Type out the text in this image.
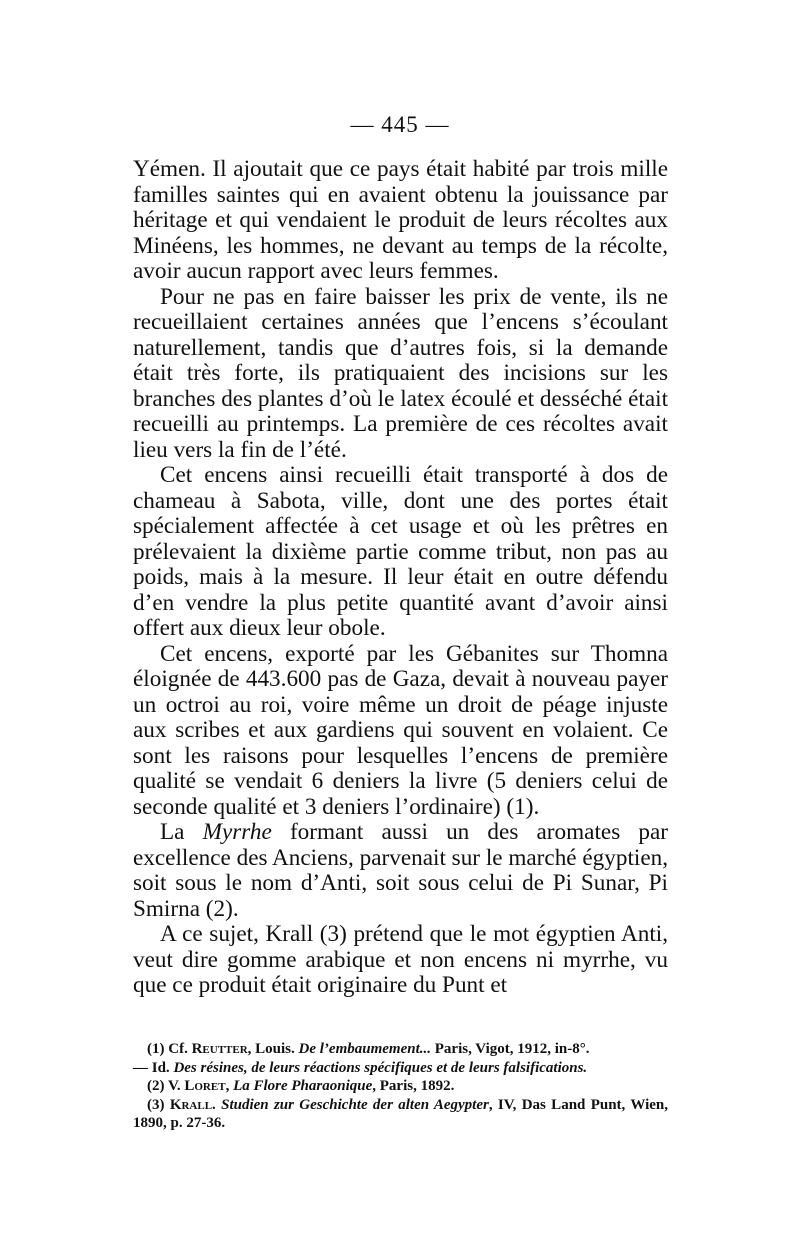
— 445 —

Yémen. Il ajoutait que ce pays était habité par trois mille familles saintes qui en avaient obtenu la jouissance par héritage et qui vendaient le produit de leurs récoltes aux Minéens, les hommes, ne devant au temps de la récolte, avoir aucun rapport avec leurs femmes.

Pour ne pas en faire baisser les prix de vente, ils ne recueillaient certaines années que l’encens s’écoulant naturellement, tandis que d’autres fois, si la demande était très forte, ils pratiquaient des incisions sur les branches des plantes d’où le latex écoulé et desséché était recueilli au printemps. La première de ces récoltes avait lieu vers la fin de l’été.

Cet encens ainsi recueilli était transporté à dos de chameau à Sabota, ville, dont une des portes était spécialement affectée à cet usage et où les prêtres en prélevaient la dixième partie comme tribut, non pas au poids, mais à la mesure. Il leur était en outre défendu d’en vendre la plus petite quantité avant d’avoir ainsi offert aux dieux leur obole.

Cet encens, exporté par les Gébanites sur Thomna éloignée de 443.600 pas de Gaza, devait à nouveau payer un octroi au roi, voire même un droit de péage injuste aux scribes et aux gardiens qui souvent en volaient. Ce sont les raisons pour lesquelles l’encens de première qualité se vendait 6 deniers la livre (5 deniers celui de seconde qualité et 3 deniers l’ordinaire) (1).

La Myrrhe formant aussi un des aromates par excellence des Anciens, parvenait sur le marché égyptien, soit sous le nom d’Anti, soit sous celui de Pi Sunar, Pi Smirna (2).

A ce sujet, Krall (3) prétend que le mot égyptien Anti, veut dire gomme arabique et non encens ni myrrhe, vu que ce produit était originaire du Punt et

(1) Cf. Reutter, Louis. De l’embaumement... Paris, Vigot, 1912, in-8°.

— Id. Des résines, de leurs réactions spécifiques et de leurs falsifications.

(2) V. Loret, La Flore Pharaonique, Paris, 1892.

(3) Krall. Studien zur Geschichte der alten Aegypter, IV, Das Land Punt, Wien, 1890, p. 27-36.
